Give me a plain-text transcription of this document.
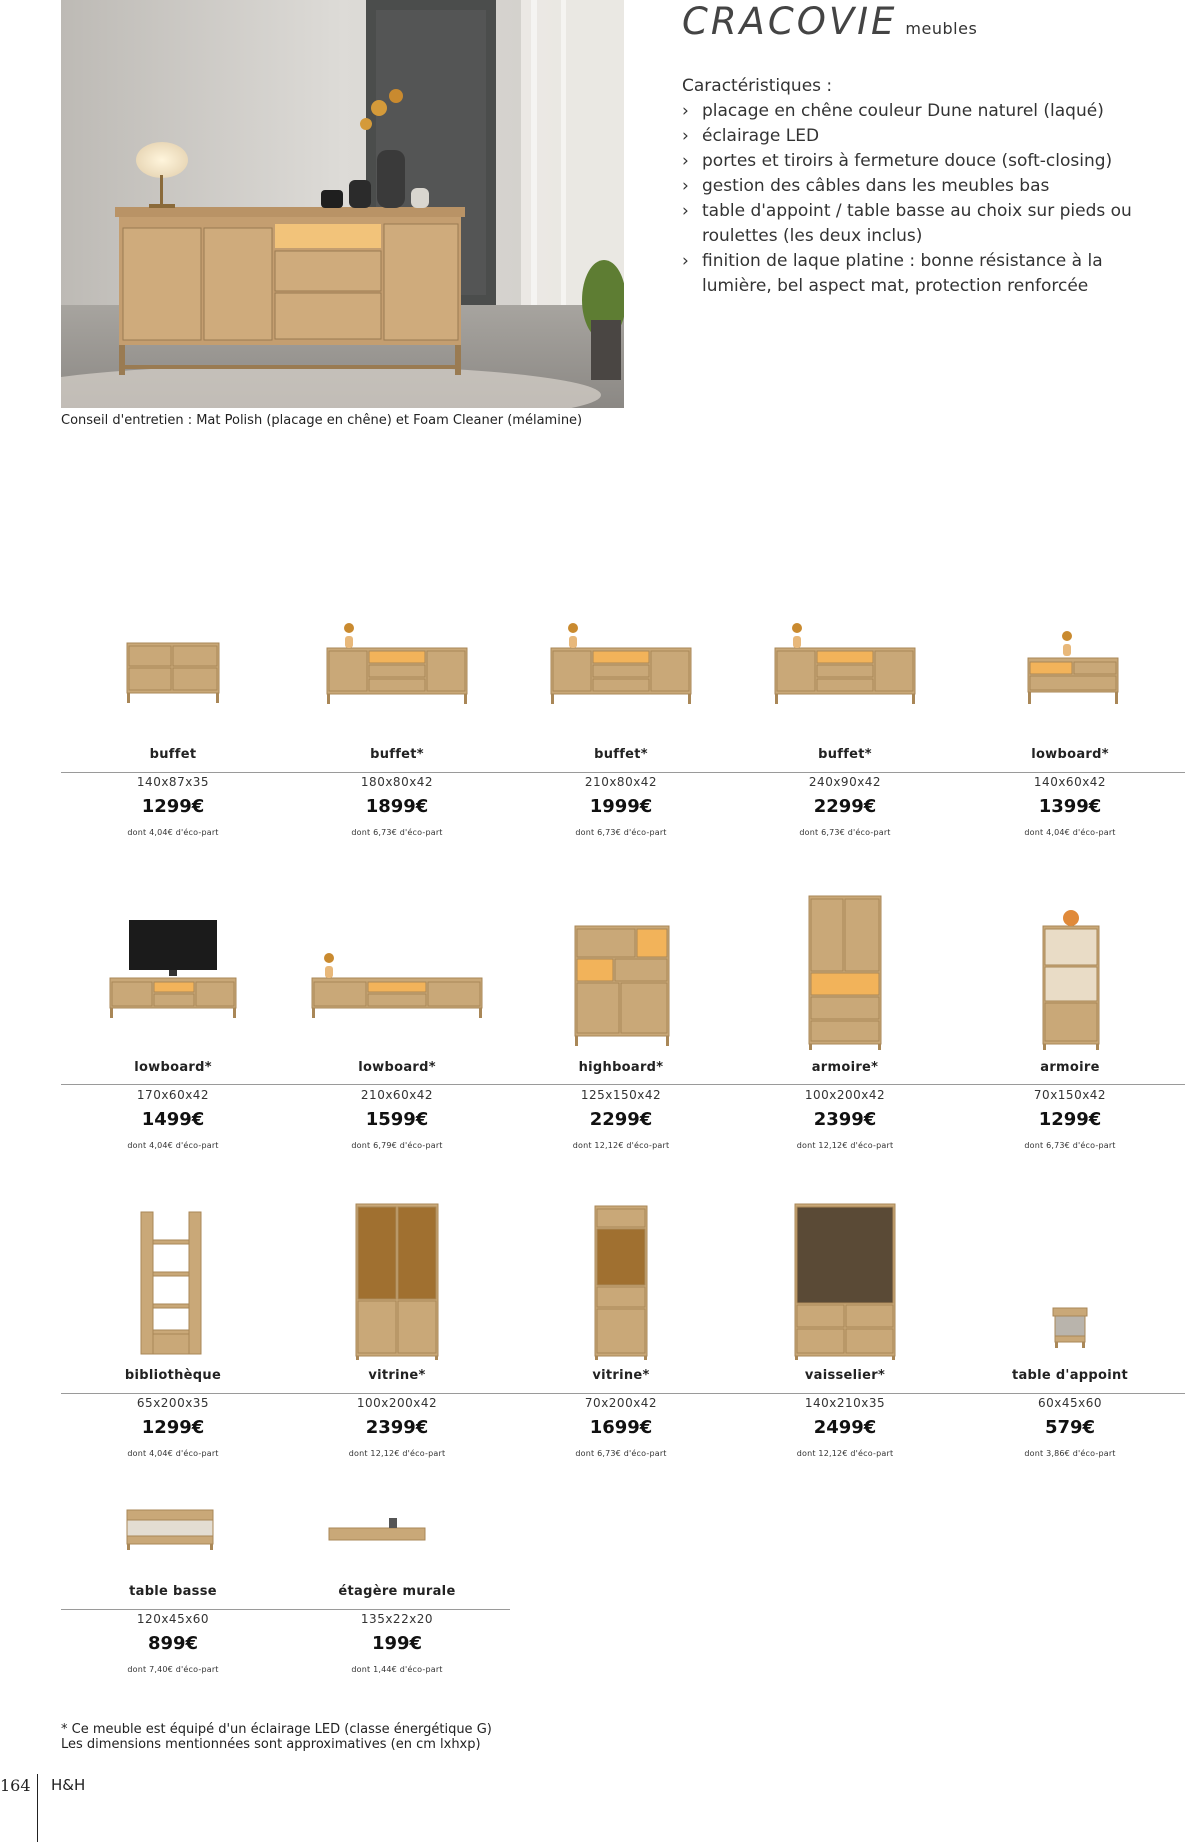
Conseil d'entretien : Mat Polish (placage en chêne) et Foam Cleaner (mélamine)
CRACOVIE meubles
Caractéristiques :
› placage en chêne couleur Dune naturel (laqué)
› éclairage LED
› portes et tiroirs à fermeture douce (soft-closing)
› gestion des câbles dans les meubles bas
› table d'appoint / table basse au choix sur pieds ou roulettes (les deux inclus)
› finition de laque platine : bonne résistance à la lumière, bel aspect mat, protection renforcée
buffet
140x87x35
1299€
dont 4,04€ d'éco-part
buffet*
180x80x42
1899€
dont 6,73€ d'éco-part
buffet*
210x80x42
1999€
dont 6,73€ d'éco-part
buffet*
240x90x42
2299€
dont 6,73€ d'éco-part
lowboard*
140x60x42
1399€
dont 4,04€ d'éco-part
lowboard*
170x60x42
1499€
dont 4,04€ d'éco-part
lowboard*
210x60x42
1599€
dont 6,79€ d'éco-part
highboard*
125x150x42
2299€
dont 12,12€ d'éco-part
armoire*
100x200x42
2399€
dont 12,12€ d'éco-part
armoire
70x150x42
1299€
dont 6,73€ d'éco-part
bibliothèque
65x200x35
1299€
dont 4,04€ d'éco-part
vitrine*
100x200x42
2399€
dont 12,12€ d'éco-part
vitrine*
70x200x42
1699€
dont 6,73€ d'éco-part
vaisselier*
140x210x35
2499€
dont 12,12€ d'éco-part
table d'appoint
60x45x60
579€
dont 3,86€ d'éco-part
table basse
120x45x60
899€
dont 7,40€ d'éco-part
étagère murale
135x22x20
199€
dont 1,44€ d'éco-part
* Ce meuble est équipé d'un éclairage LED (classe énergétique G)
Les dimensions mentionnées sont approximatives (en cm lxhxp)
164 H&H
